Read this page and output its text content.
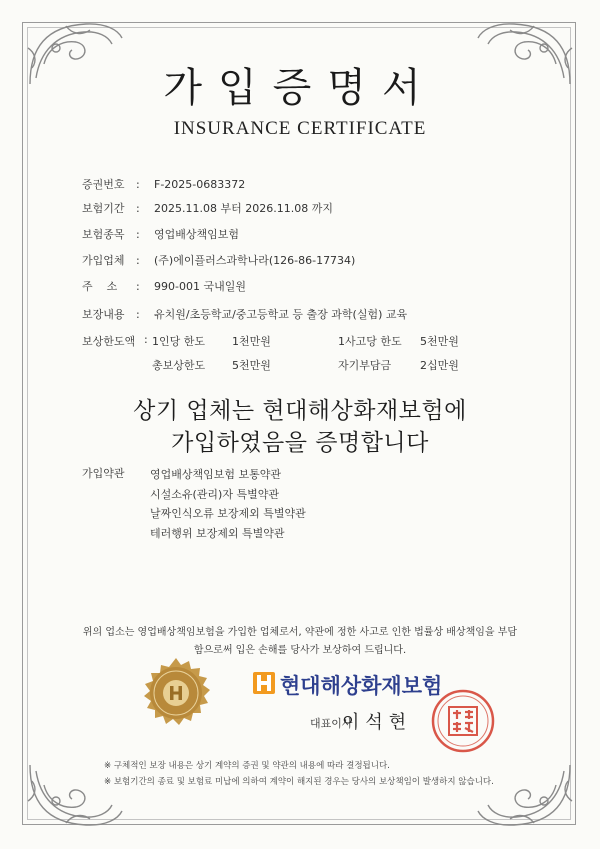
가입증명서
INSURANCE CERTIFICATE
증권번호 : F-2025-0683372
보험기간 : 2025.11.08 부터 2026.11.08 까지
보험종목 : 영업배상책임보험
가입업체 : (주)에이플러스과학나라(126-86-17734)
주    소 : 990-001 국내일원
보장내용 : 유치원/초등학교/중고등학교 등 출장 과학(실험) 교육
보상한도액 : 1인당 한도 1천만원	1사고당 한도 5천만원
총보상한도 5천만원	자기부담금	2십만원
상기 업체는 현대해상화재보험에
가입하였음을 증명합니다
가입약관 영업배상책임보험 보통약관
시설소유(관리)자 특별약관
날짜인식오류 보장제외 특별약관
테러행위 보장제외 특별약관
위의 업소는 영업배상책임보험을 가입한 업체로서, 약관에 정한 사고로 인한 법률상 배상책임을 부담
함으로써 입은 손해를 당사가 보상하여 드립니다.
현대해상화재보험
대표이사
이석현
※ 구체적인 보장 내용은 상기 계약의 증권 및 약관의 내용에 따라 결정됩니다.
※ 보험기간의 종료 및 보험료 미납에 의하여 계약이 해지된 경우는 당사의 보상책임이 발생하지 않습니다.
